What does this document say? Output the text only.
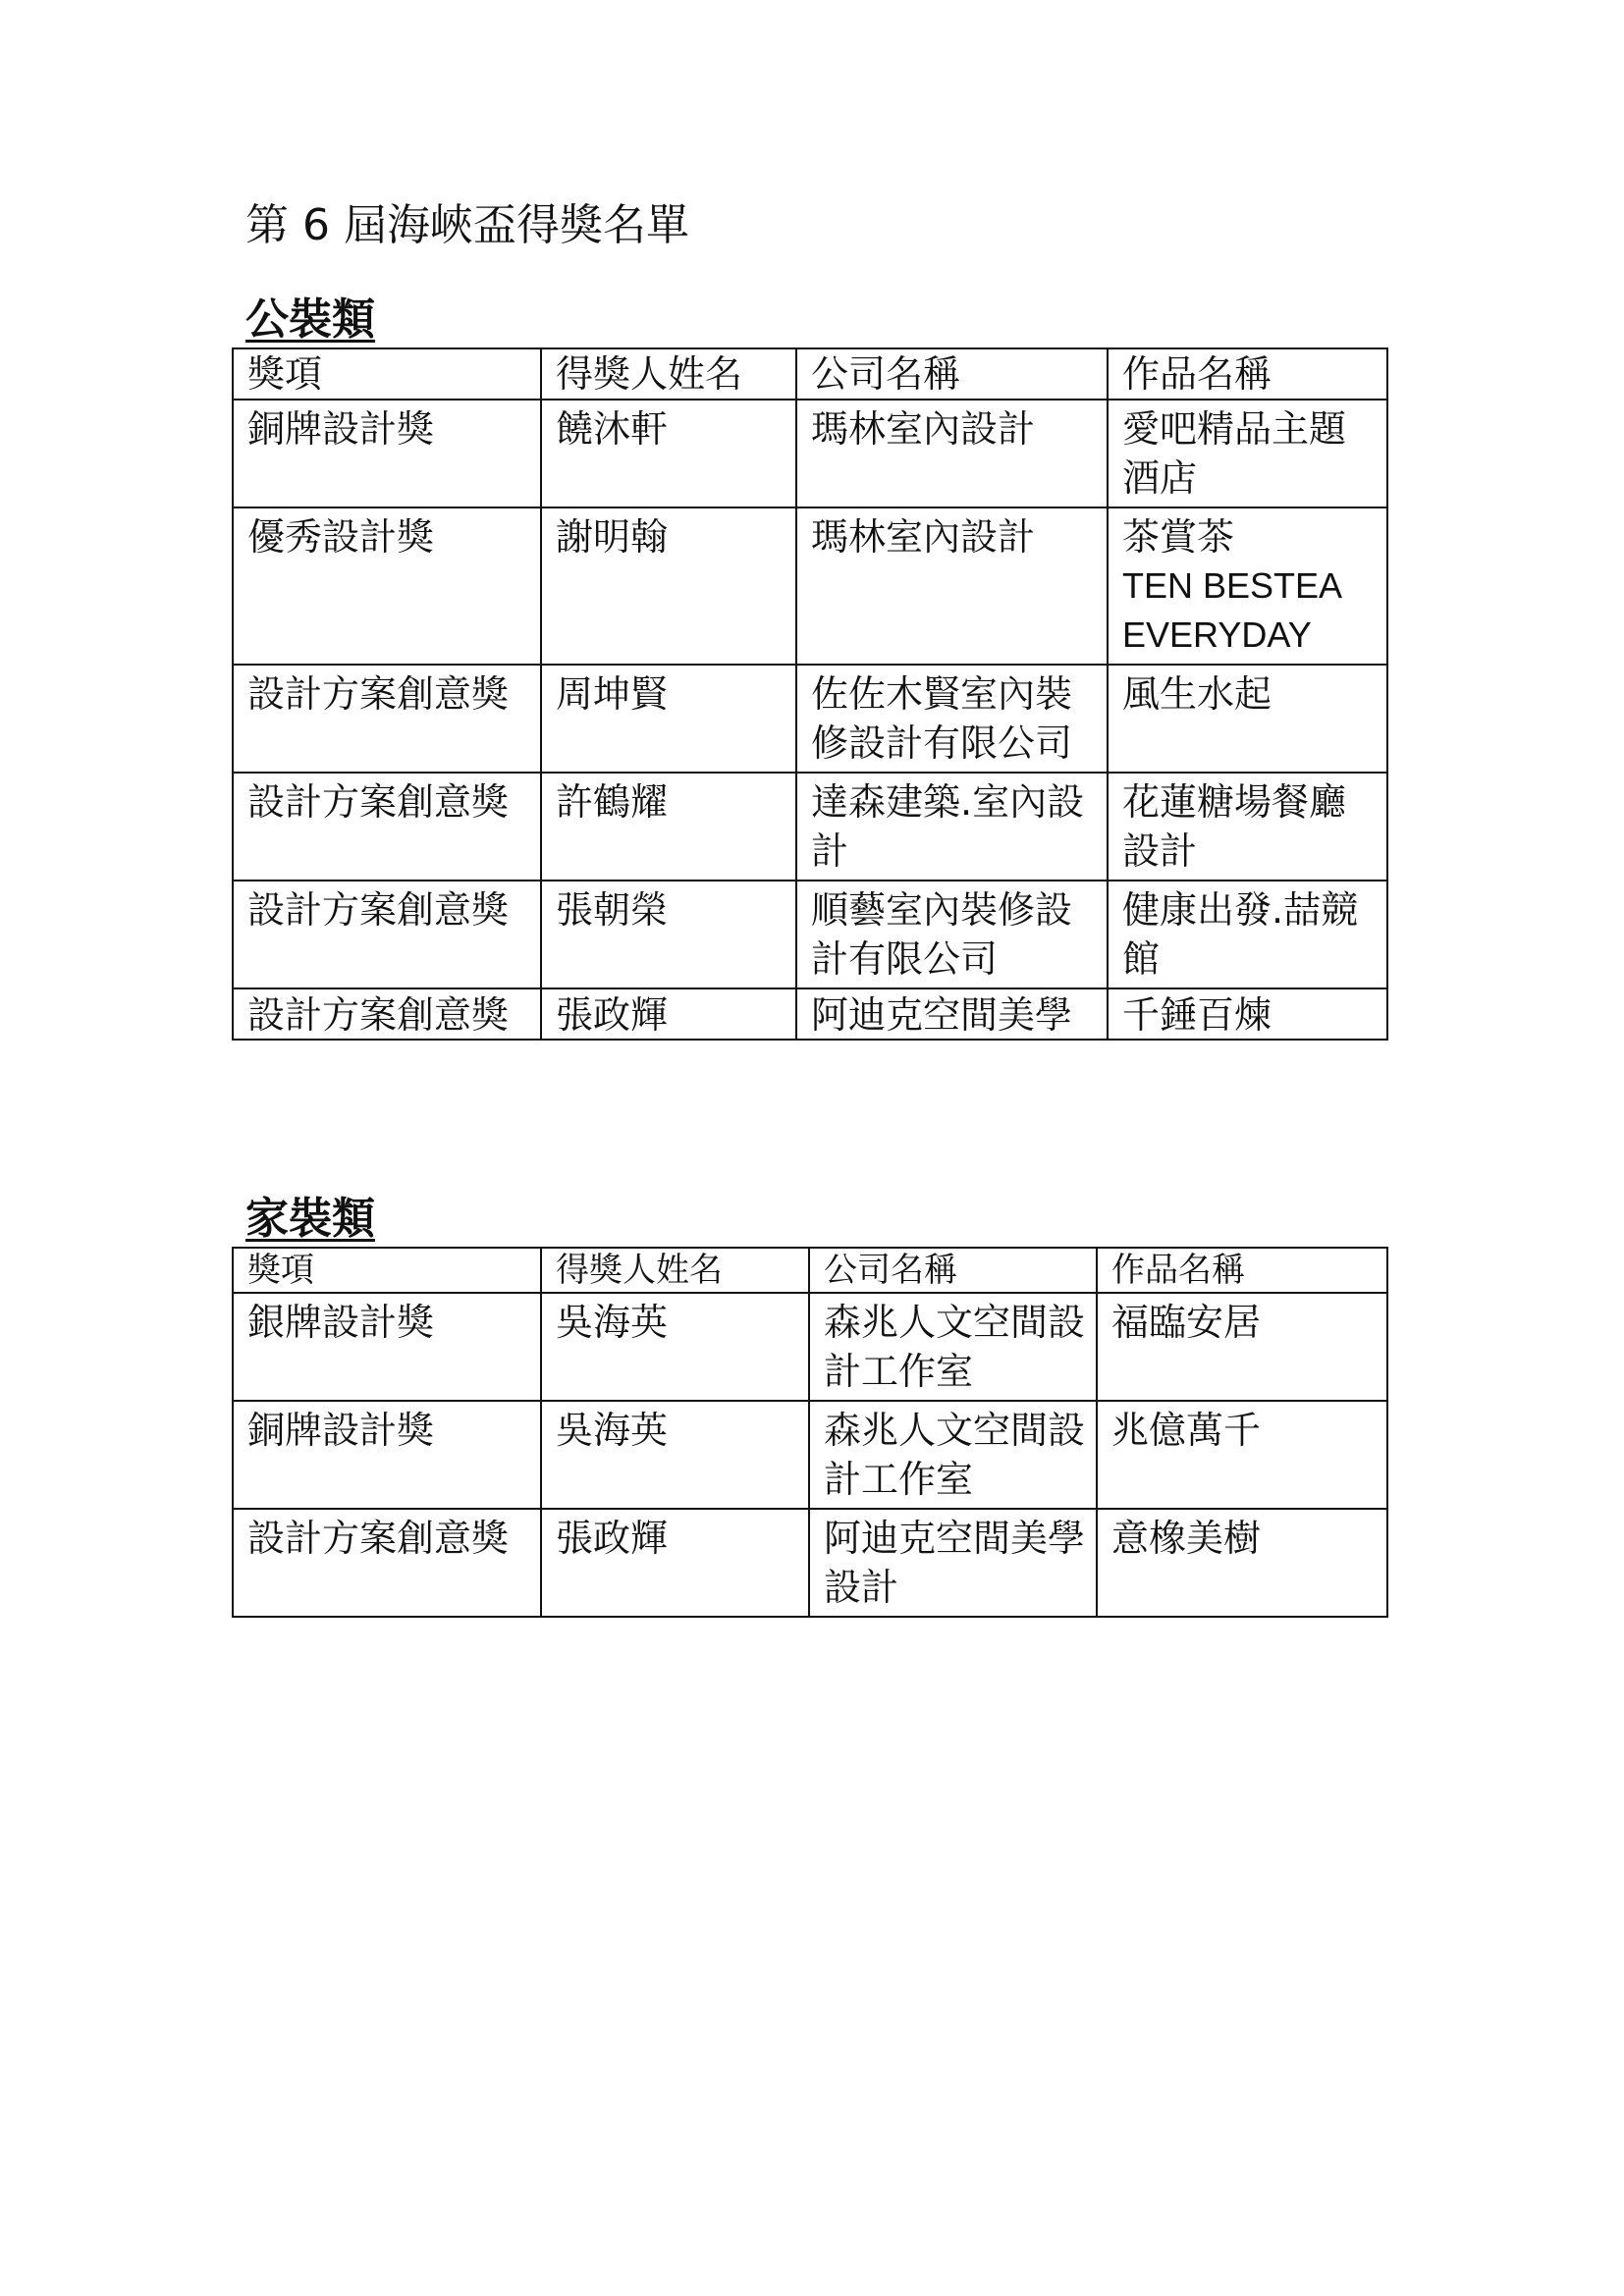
第 6 屆海峽盃得獎名單
公裝類
獎項	得獎人姓名	公司名稱	作品名稱
銅牌設計獎	饒沐軒	瑪林室內設計	愛吧精品主題酒店
優秀設計獎	謝明翰	瑪林室內設計	茶賞茶
TEN BESTEA
EVERYDAY

設計方案創意獎	周坤賢	佐佐木賢室內裝修設計有限公司	風生水起
設計方案創意獎	許鶴耀	達森建築.室內設計	花蓮糖場餐廳設計
設計方案創意獎	張朝榮	順藝室內裝修設計有限公司	健康出發.喆競館
設計方案創意獎	張政輝	阿迪克空間美學	千錘百煉
家裝類
獎項	得獎人姓名	公司名稱	作品名稱
銀牌設計獎	吳海英	森兆人文空間設計工作室	福臨安居
銅牌設計獎	吳海英	森兆人文空間設計工作室	兆億萬千
設計方案創意獎	張政輝	阿迪克空間美學設計	意橡美樹
